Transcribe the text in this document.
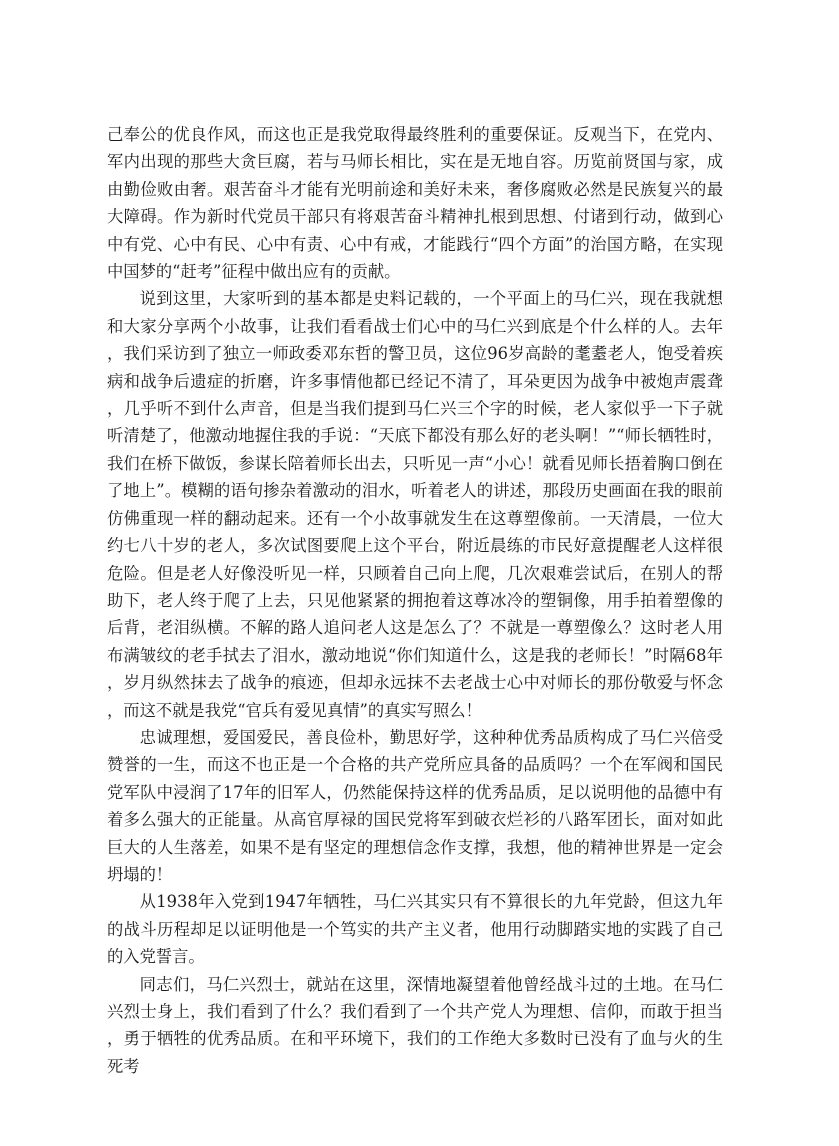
己奉公的优良作风，而这也正是我党取得最终胜利的重要保证。反观当下，在党内、军内出现的那些大贪巨腐，若与马师长相比，实在是无地自容。历览前贤国与家，成由勤俭败由奢。艰苦奋斗才能有光明前途和美好未来，奢侈腐败必然是民族复兴的最大障碍。作为新时代党员干部只有将艰苦奋斗精神扎根到思想、付诸到行动，做到心中有党、心中有民、心中有责、心中有戒，才能践行“四个方面”的治国方略，在实现中国梦的“赶考”征程中做出应有的贡献。

说到这里，大家听到的基本都是史料记载的，一个平面上的马仁兴，现在我就想和大家分享两个小故事，让我们看看战士们心中的马仁兴到底是个什么样的人。去年，我们采访到了独立一师政委邓东哲的警卫员，这位96岁高龄的耄耋老人，饱受着疾病和战争后遗症的折磨，许多事情他都已经记不清了，耳朵更因为战争中被炮声震聋，几乎听不到什么声音，但是当我们提到马仁兴三个字的时候，老人家似乎一下子就听清楚了，他激动地握住我的手说：“天底下都没有那么好的老头啊！”“师长牺牲时，我们在桥下做饭，参谋长陪着师长出去，只听见一声“小心！就看见师长捂着胸口倒在了地上”。模糊的语句掺杂着激动的泪水，听着老人的讲述，那段历史画面在我的眼前仿佛重现一样的翻动起来。还有一个小故事就发生在这尊塑像前。一天清晨，一位大约七八十岁的老人，多次试图要爬上这个平台，附近晨练的市民好意提醒老人这样很危险。但是老人好像没听见一样，只顾着自己向上爬，几次艰难尝试后，在别人的帮助下，老人终于爬了上去，只见他紧紧的拥抱着这尊冰冷的塑铜像，用手拍着塑像的后背，老泪纵横。不解的路人追问老人这是怎么了？不就是一尊塑像么？这时老人用布满皱纹的老手拭去了泪水，激动地说“你们知道什么，这是我的老师长！”时隔68年，岁月纵然抹去了战争的痕迹，但却永远抹不去老战士心中对师长的那份敬爱与怀念，而这不就是我党“官兵有爱见真情”的真实写照么！

忠诚理想，爱国爱民，善良俭朴，勤思好学，这种种优秀品质构成了马仁兴倍受赞誉的一生，而这不也正是一个合格的共产党所应具备的品质吗？一个在军阀和国民党军队中浸润了17年的旧军人，仍然能保持这样的优秀品质，足以说明他的品德中有着多么强大的正能量。从高官厚禄的国民党将军到破衣烂衫的八路军团长，面对如此巨大的人生落差，如果不是有坚定的理想信念作支撑，我想，他的精神世界是一定会坍塌的！

从1938年入党到1947年牺牲，马仁兴其实只有不算很长的九年党龄，但这九年的战斗历程却足以证明他是一个笃实的共产主义者，他用行动脚踏实地的实践了自己的入党誓言。

同志们，马仁兴烈士，就站在这里，深情地凝望着他曾经战斗过的土地。在马仁兴烈士身上，我们看到了什么？我们看到了一个共产党人为理想、信仰，而敢于担当，勇于牺牲的优秀品质。在和平环境下，我们的工作绝大多数时已没有了血与火的生死考
